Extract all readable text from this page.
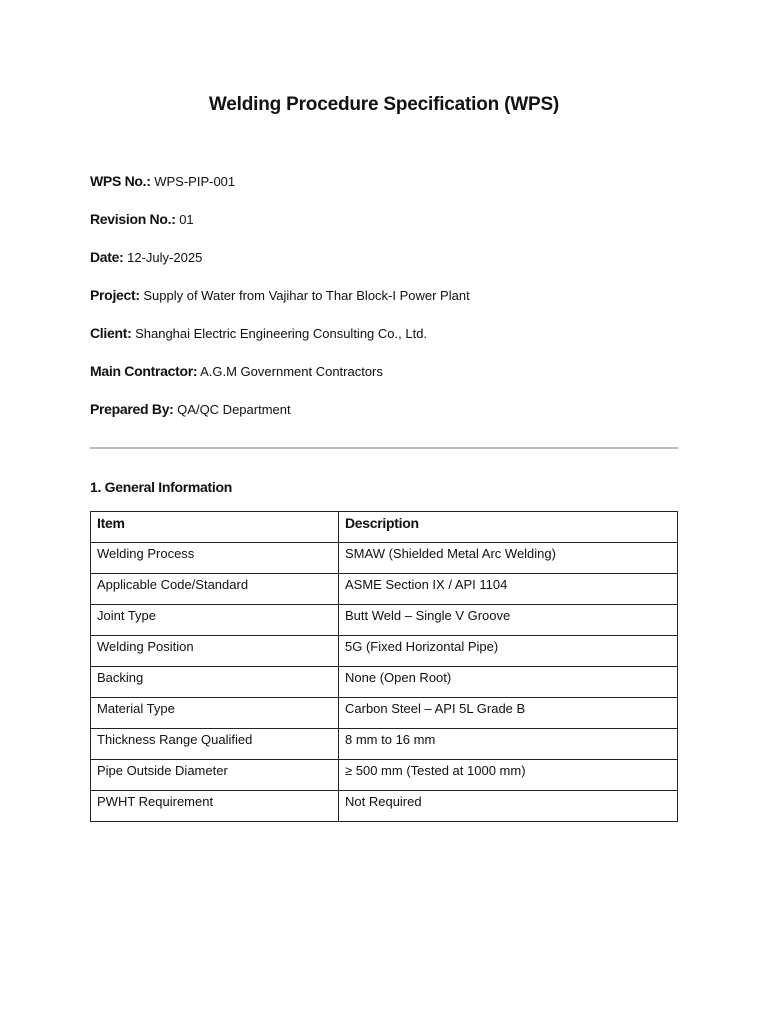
Welding Procedure Specification (WPS)
WPS No.: WPS-PIP-001
Revision No.: 01
Date: 12-July-2025
Project: Supply of Water from Vajihar to Thar Block-I Power Plant
Client: Shanghai Electric Engineering Consulting Co., Ltd.
Main Contractor: A.G.M Government Contractors
Prepared By: QA/QC Department
1. General Information
Item	Description
Welding Process	SMAW (Shielded Metal Arc Welding)
Applicable Code/Standard	ASME Section IX / API 1104
Joint Type	Butt Weld – Single V Groove
Welding Position	5G (Fixed Horizontal Pipe)
Backing	None (Open Root)
Material Type	Carbon Steel – API 5L Grade B
Thickness Range Qualified	8 mm to 16 mm
Pipe Outside Diameter	≥ 500 mm (Tested at 1000 mm)
PWHT Requirement	Not Required
